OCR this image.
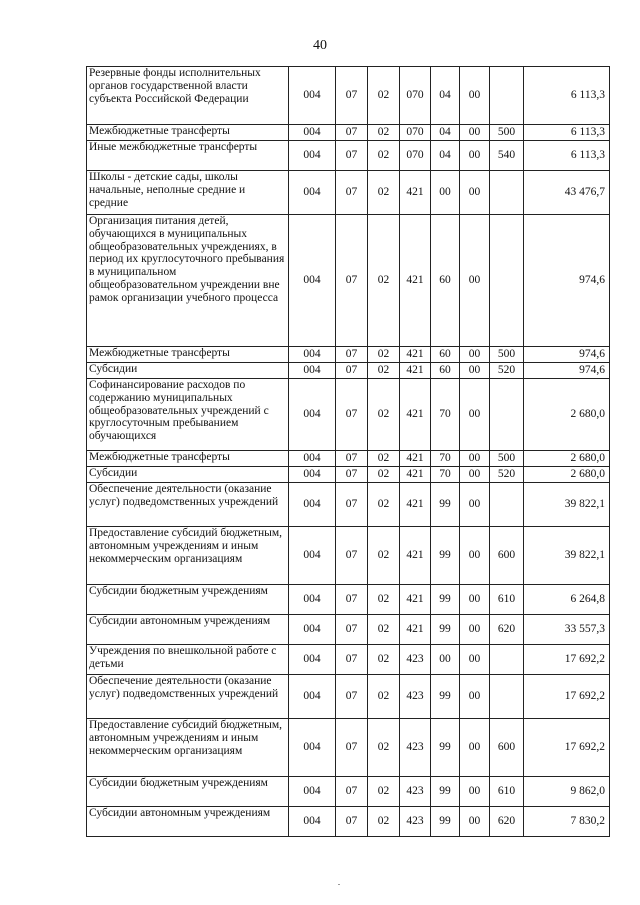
40
Резервные фонды исполнительных органов государственной власти субъекта Российской Федерации	004	07	02	070	04	00		6 113,3
Межбюджетные трансферты	004	07	02	070	04	00	500	6 113,3
Иные межбюджетные трансферты	004	07	02	070	04	00	540	6 113,3
Школы - детские сады, школы начальные, неполные средние и средние	004	07	02	421	00	00		43 476,7
Организация питания детей, обучающихся в муниципальных общеобразовательных учреждениях, в период их круглосуточного пребывания в муниципальном общеобразовательном учреждении вне рамок организации учебного процесса	004	07	02	421	60	00		974,6
Межбюджетные трансферты	004	07	02	421	60	00	500	974,6
Субсидии	004	07	02	421	60	00	520	974,6
Софинансирование расходов по содержанию муниципальных общеобразовательных учреждений с круглосуточным пребыванием обучающихся	004	07	02	421	70	00		2 680,0
Межбюджетные трансферты	004	07	02	421	70	00	500	2 680,0
Субсидии	004	07	02	421	70	00	520	2 680,0
Обеспечение деятельности (оказание услуг) подведомственных учреждений	004	07	02	421	99	00		39 822,1
Предоставление субсидий бюджетным, автономным учреждениям и иным некоммерческим организациям	004	07	02	421	99	00	600	39 822,1
Субсидии бюджетным учреждениям	004	07	02	421	99	00	610	6 264,8
Субсидии автономным учреждениям	004	07	02	421	99	00	620	33 557,3
Учреждения по внешкольной работе с детьми	004	07	02	423	00	00		17 692,2
Обеспечение деятельности (оказание услуг) подведомственных учреждений	004	07	02	423	99	00		17 692,2
Предоставление субсидий бюджетным, автономным учреждениям и иным некоммерческим организациям	004	07	02	423	99	00	600	17 692,2
Субсидии бюджетным учреждениям	004	07	02	423	99	00	610	9 862,0
Субсидии автономным учреждениям	004	07	02	423	99	00	620	7 830,2
